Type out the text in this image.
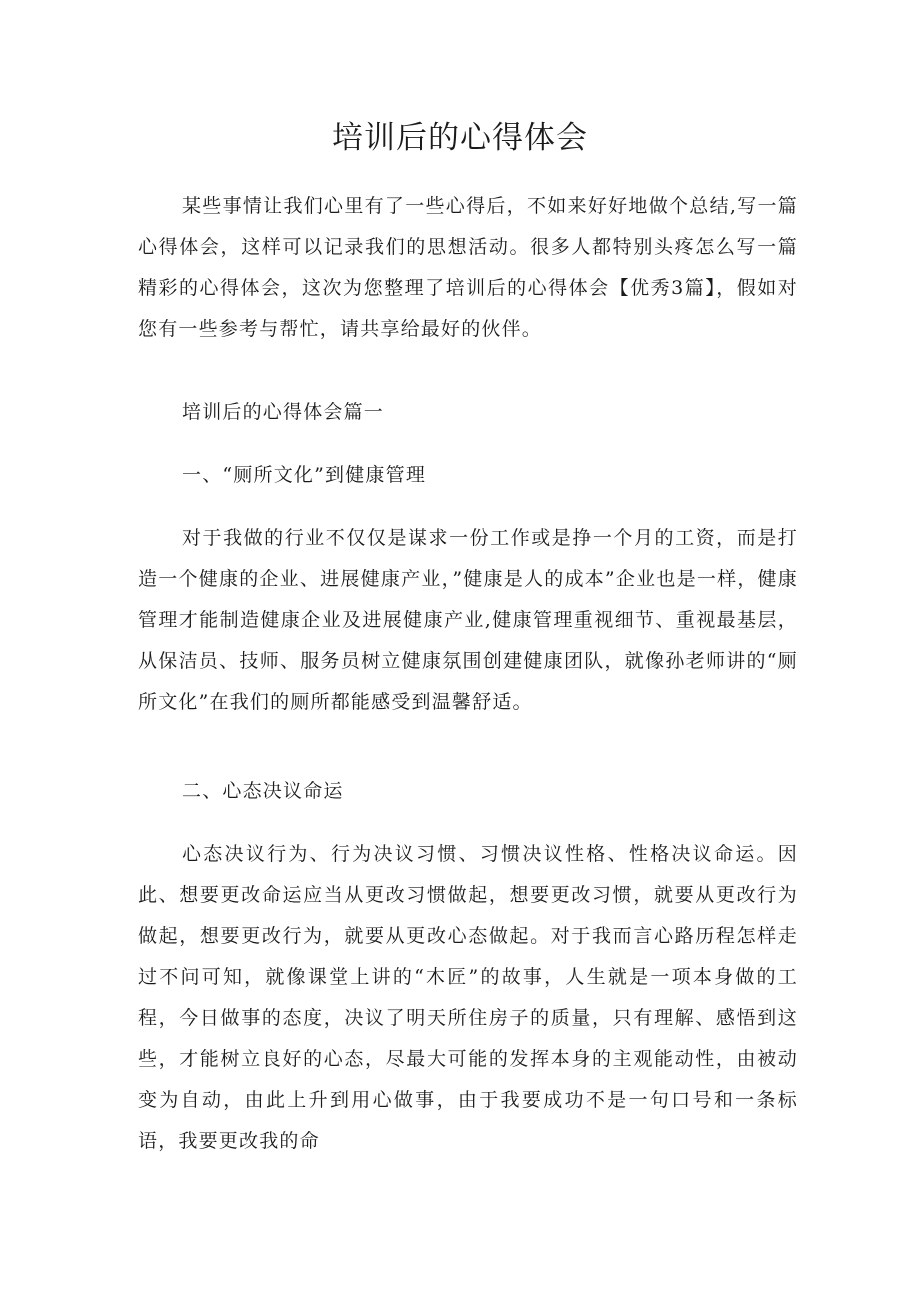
培训后的心得体会

某些事情让我们心里有了一些心得后，不如来好好地做个总结,写一篇心得体会，这样可以记录我们的思想活动。很多人都特别头疼怎么写一篇精彩的心得体会，这次为您整理了培训后的心得体会【优秀3篇】，假如对您有一些参考与帮忙，请共享给最好的伙伴。

培训后的心得体会篇一

一、“厕所文化”到健康管理

对于我做的行业不仅仅是谋求一份工作或是挣一个月的工资，而是打造一个健康的企业、进展健康产业，”健康是人的成本”企业也是一样，健康管理才能制造健康企业及进展健康产业,健康管理重视细节、重视最基层，从保洁员、技师、服务员树立健康氛围创建健康团队，就像孙老师讲的“厕所文化”在我们的厕所都能感受到温馨舒适。

二、心态决议命运

心态决议行为、行为决议习惯、习惯决议性格、性格决议命运。因此、想要更改命运应当从更改习惯做起，想要更改习惯，就要从更改行为做起，想要更改行为，就要从更改心态做起。对于我而言心路历程怎样走过不问可知，就像课堂上讲的“木匠”的故事，人生就是一项本身做的工程，今日做事的态度，决议了明天所住房子的质量，只有理解、感悟到这些，才能树立良好的心态，尽最大可能的发挥本身的主观能动性，由被动变为自动，由此上升到用心做事，由于我要成功不是一句口号和一条标语，我要更改我的命
